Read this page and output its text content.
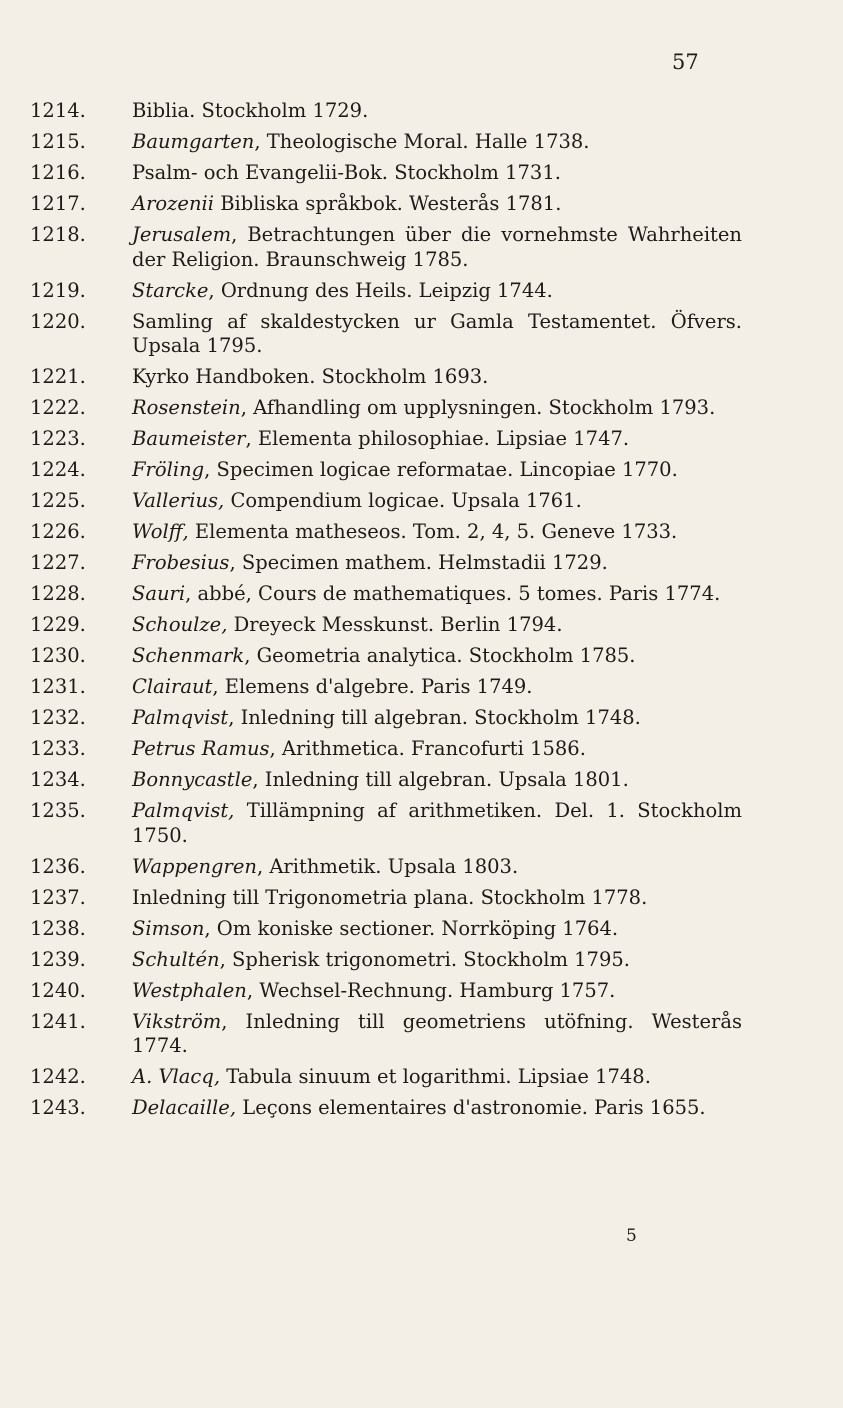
57
1214.	Biblia. Stockholm 1729.
1215.	Baumgarten, Theologische Moral. Halle 1738.
1216.	Psalm- och Evangelii-Bok. Stockholm 1731.
1217.	Arozenii Bibliska språkbok. Westerås 1781.
1218.	Jerusalem, Betrachtungen über die vornehmste Wahrheiten der Religion. Braunschweig 1785.
1219.	Starcke, Ordnung des Heils. Leipzig 1744.
1220.	Samling af skaldestycken ur Gamla Testamentet. Öfvers. Upsala 1795.
1221.	Kyrko Handboken. Stockholm 1693.
1222.	Rosenstein, Afhandling om upplysningen. Stockholm 1793.
1223.	Baumeister, Elementa philosophiae. Lipsiae 1747.
1224.	Fröling, Specimen logicae reformatae. Lincopiae 1770.
1225.	Vallerius, Compendium logicae. Upsala 1761.
1226.	Wolff, Elementa matheseos. Tom. 2, 4, 5. Geneve 1733.
1227.	Frobesius, Specimen mathem. Helmstadii 1729.
1228.	Sauri, abbé, Cours de mathematiques. 5 tomes. Paris 1774.
1229.	Schoulze, Dreyeck Messkunst. Berlin 1794.
1230.	Schenmark, Geometria analytica. Stockholm 1785.
1231.	Clairaut, Elemens d'algebre. Paris 1749.
1232.	Palmqvist, Inledning till algebran. Stockholm 1748.
1233.	Petrus Ramus, Arithmetica. Francofurti 1586.
1234.	Bonnycastle, Inledning till algebran. Upsala 1801.
1235.	Palmqvist, Tillämpning af arithmetiken. Del. 1. Stockholm 1750.
1236.	Wappengren, Arithmetik. Upsala 1803.
1237.	Inledning till Trigonometria plana. Stockholm 1778.
1238.	Simson, Om koniske sectioner. Norrköping 1764.
1239.	Schultén, Spherisk trigonometri. Stockholm 1795.
1240.	Westphalen, Wechsel-Rechnung. Hamburg 1757.
1241.	Vikström, Inledning till geometriens utöfning. Westerås 1774.
1242.	A. Vlacq, Tabula sinuum et logarithmi. Lipsiae 1748.
1243.	Delacaille, Leçons elementaires d'astronomie. Paris 1655.
5
